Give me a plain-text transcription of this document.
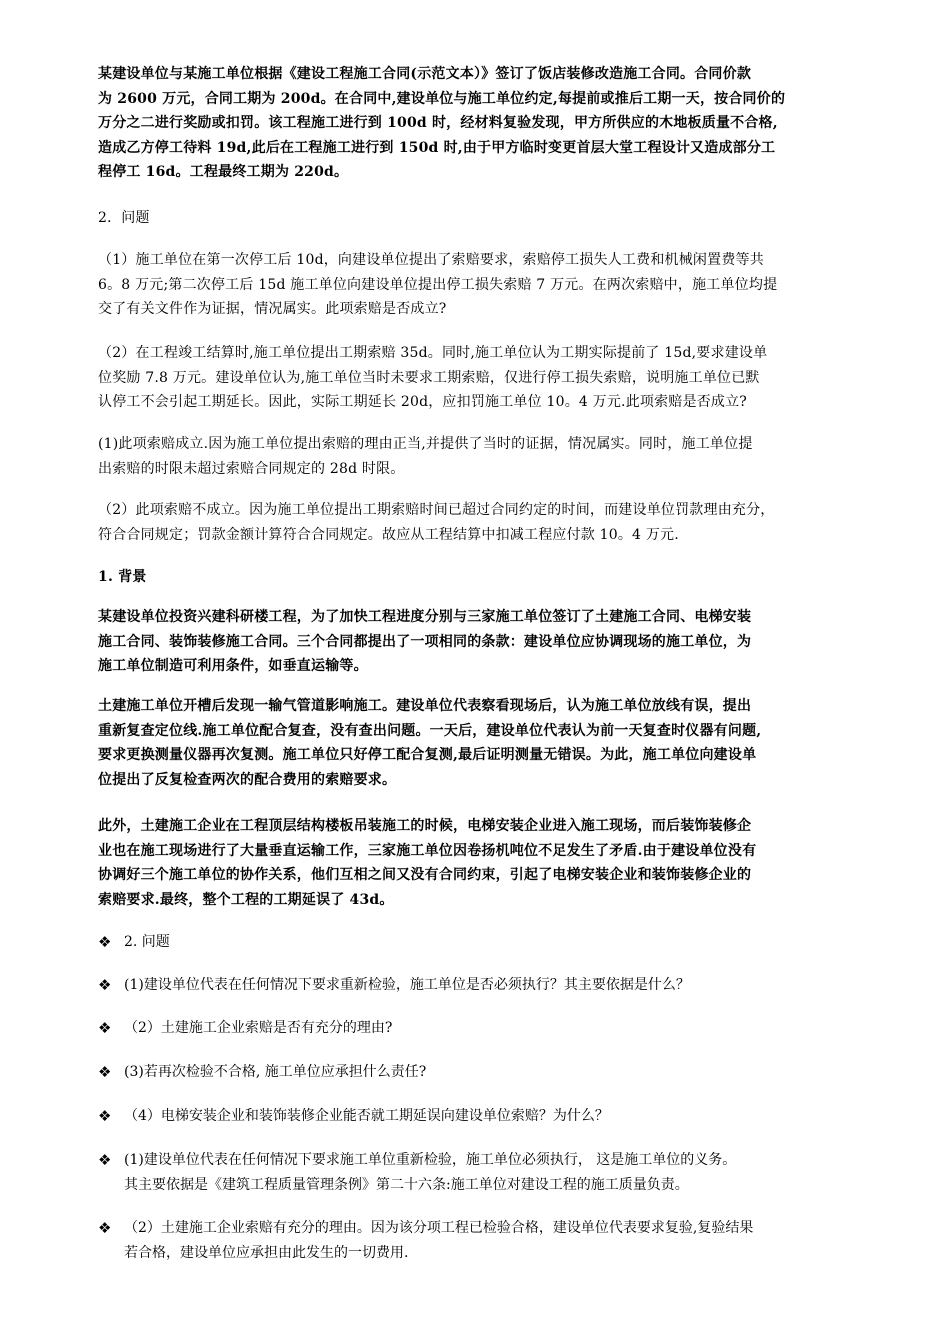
某建设单位与某施工单位根据《建设工程施工合同(示范文本）》签订了饭店装修改造施工合同。合同价款
为 2600 万元，合同工期为 200d。在合同中,建设单位与施工单位约定,每提前或推后工期一天，按合同价的
万分之二进行奖励或扣罚。该工程施工进行到 100d 时，经材料复验发现，甲方所供应的木地板质量不合格,
造成乙方停工待料 19d,此后在工程施工进行到 150d 时,由于甲方临时变更首层大堂工程设计又造成部分工
程停工 16d。工程最终工期为 220d。
2．问题
（1）施工单位在第一次停工后 10d，向建设单位提出了索赔要求，索赔停工损失人工费和机械闲置费等共
6。8 万元;第二次停工后 15d 施工单位向建设单位提出停工损失索赔 7 万元。在两次索赔中，施工单位均提
交了有关文件作为证据，情况属实。此项索赔是否成立?
（2）在工程竣工结算时,施工单位提出工期索赔 35d。同时,施工单位认为工期实际提前了 15d,要求建设单
位奖励 7.8 万元。建设单位认为,施工单位当时未要求工期索赔，仅进行停工损失索赔，说明施工单位已默
认停工不会引起工期延长。因此，实际工期延长 20d，应扣罚施工单位 10。4 万元.此项索赔是否成立?
(1)此项索赔成立.因为施工单位提出索赔的理由正当,并提供了当时的证据，情况属实。同时，施工单位提
出索赔的时限未超过索赔合同规定的 28d 时限。
（2）此项索赔不成立。因为施工单位提出工期索赔时间已超过合同约定的时间，而建设单位罚款理由充分，
符合合同规定；罚款金额计算符合合同规定。故应从工程结算中扣减工程应付款 10。4 万元.
1. 背景
某建设单位投资兴建科研楼工程，为了加快工程进度分别与三家施工单位签订了土建施工合同、电梯安装
施工合同、装饰装修施工合同。三个合同都提出了一项相同的条款：建设单位应协调现场的施工单位，为
施工单位制造可利用条件，如垂直运输等。
土建施工单位开槽后发现一输气管道影响施工。建设单位代表察看现场后，认为施工单位放线有误，提出
重新复查定位线.施工单位配合复查，没有查出问题。一天后，建设单位代表认为前一天复查时仪器有问题,
要求更换测量仪器再次复测。施工单位只好停工配合复测,最后证明测量无错误。为此，施工单位向建设单
位提出了反复检查两次的配合费用的索赔要求。
此外，土建施工企业在工程顶层结构楼板吊装施工的时候，电梯安装企业进入施工现场，而后装饰装修企
业也在施工现场进行了大量垂直运输工作，三家施工单位因卷扬机吨位不足发生了矛盾.由于建设单位没有
协调好三个施工单位的协作关系，他们互相之间又没有合同约束，引起了电梯安装企业和装饰装修企业的
索赔要求.最终，整个工程的工期延误了 43d。
❖ 2. 问题
❖ (1)建设单位代表在任何情况下要求重新检验，施工单位是否必须执行？其主要依据是什么？
❖ （2）土建施工企业索赔是否有充分的理由?
❖ (3)若再次检验不合格, 施工单位应承担什么责任?
❖ （4）电梯安装企业和装饰装修企业能否就工期延误向建设单位索赔？为什么？
❖ (1)建设单位代表在任何情况下要求施工单位重新检验，施工单位必须执行， 这是施工单位的义务。
其主要依据是《建筑工程质量管理条例》第二十六条:施工单位对建设工程的施工质量负责。
❖ （2）土建施工企业索赔有充分的理由。因为该分项工程已检验合格，建设单位代表要求复验,复验结果
若合格，建设单位应承担由此发生的一切费用.
